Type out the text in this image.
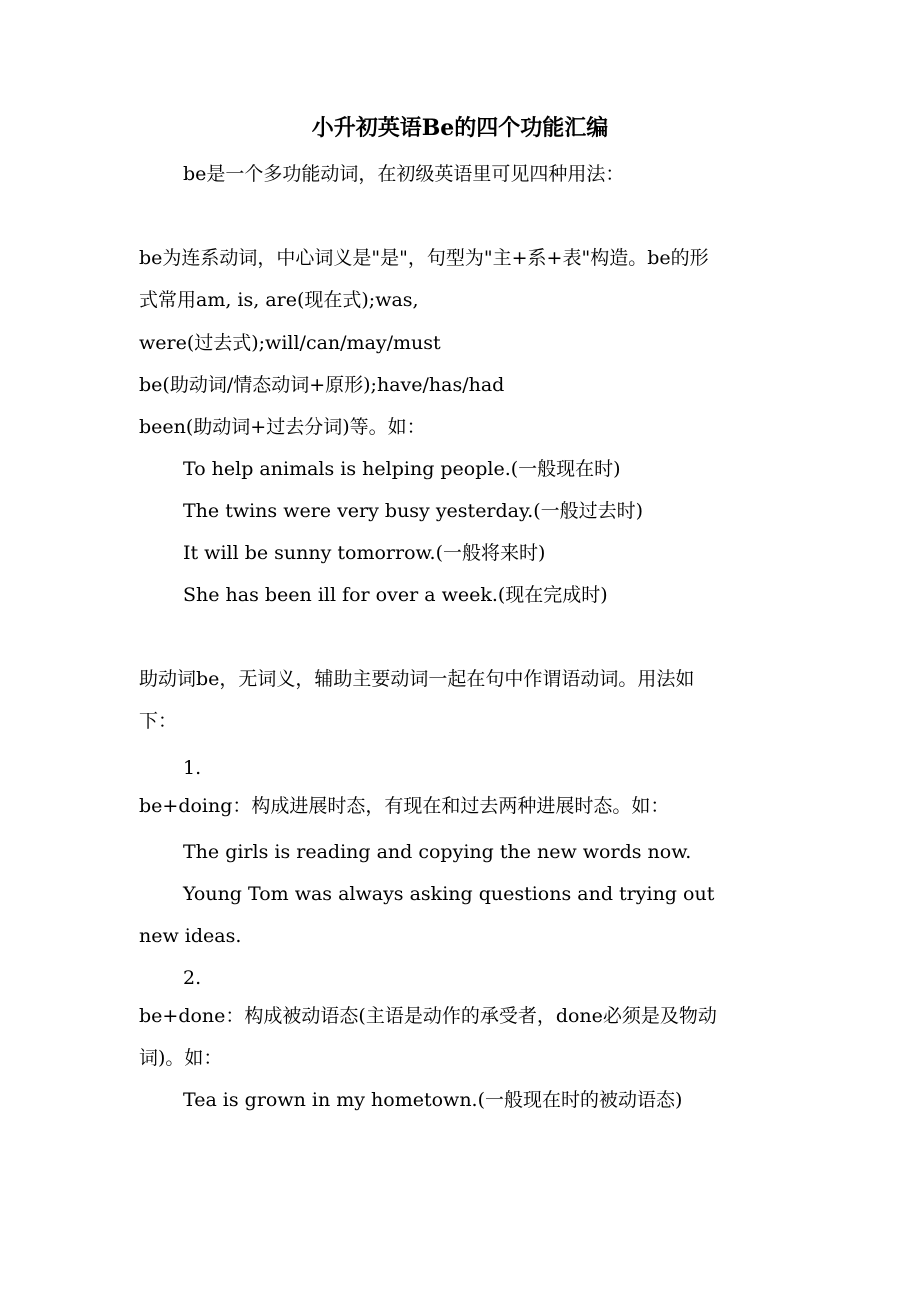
小升初英语Be的四个功能汇编
be是一个多功能动词，在初级英语里可见四种用法：
be为连系动词，中心词义是"是"，句型为"主+系+表"构造。be的形
式常用am, is, are(现在式);was,
were(过去式);will/can/may/must
be(助动词/情态动词+原形);have/has/had
been(助动词+过去分词)等。如：
To help animals is helping people.(一般现在时)
The twins were very busy yesterday.(一般过去时)
It will be sunny tomorrow.(一般将来时)
She has been ill for over a week.(现在完成时)
助动词be，无词义，辅助主要动词一起在句中作谓语动词。用法如
下：
1.
be+doing：构成进展时态，有现在和过去两种进展时态。如：
The girls is reading and copying the new words now.
Young Tom was always asking questions and trying out
new ideas.
2.
be+done：构成被动语态(主语是动作的承受者，done必须是及物动
词)。如：
Tea is grown in my hometown.(一般现在时的被动语态)
